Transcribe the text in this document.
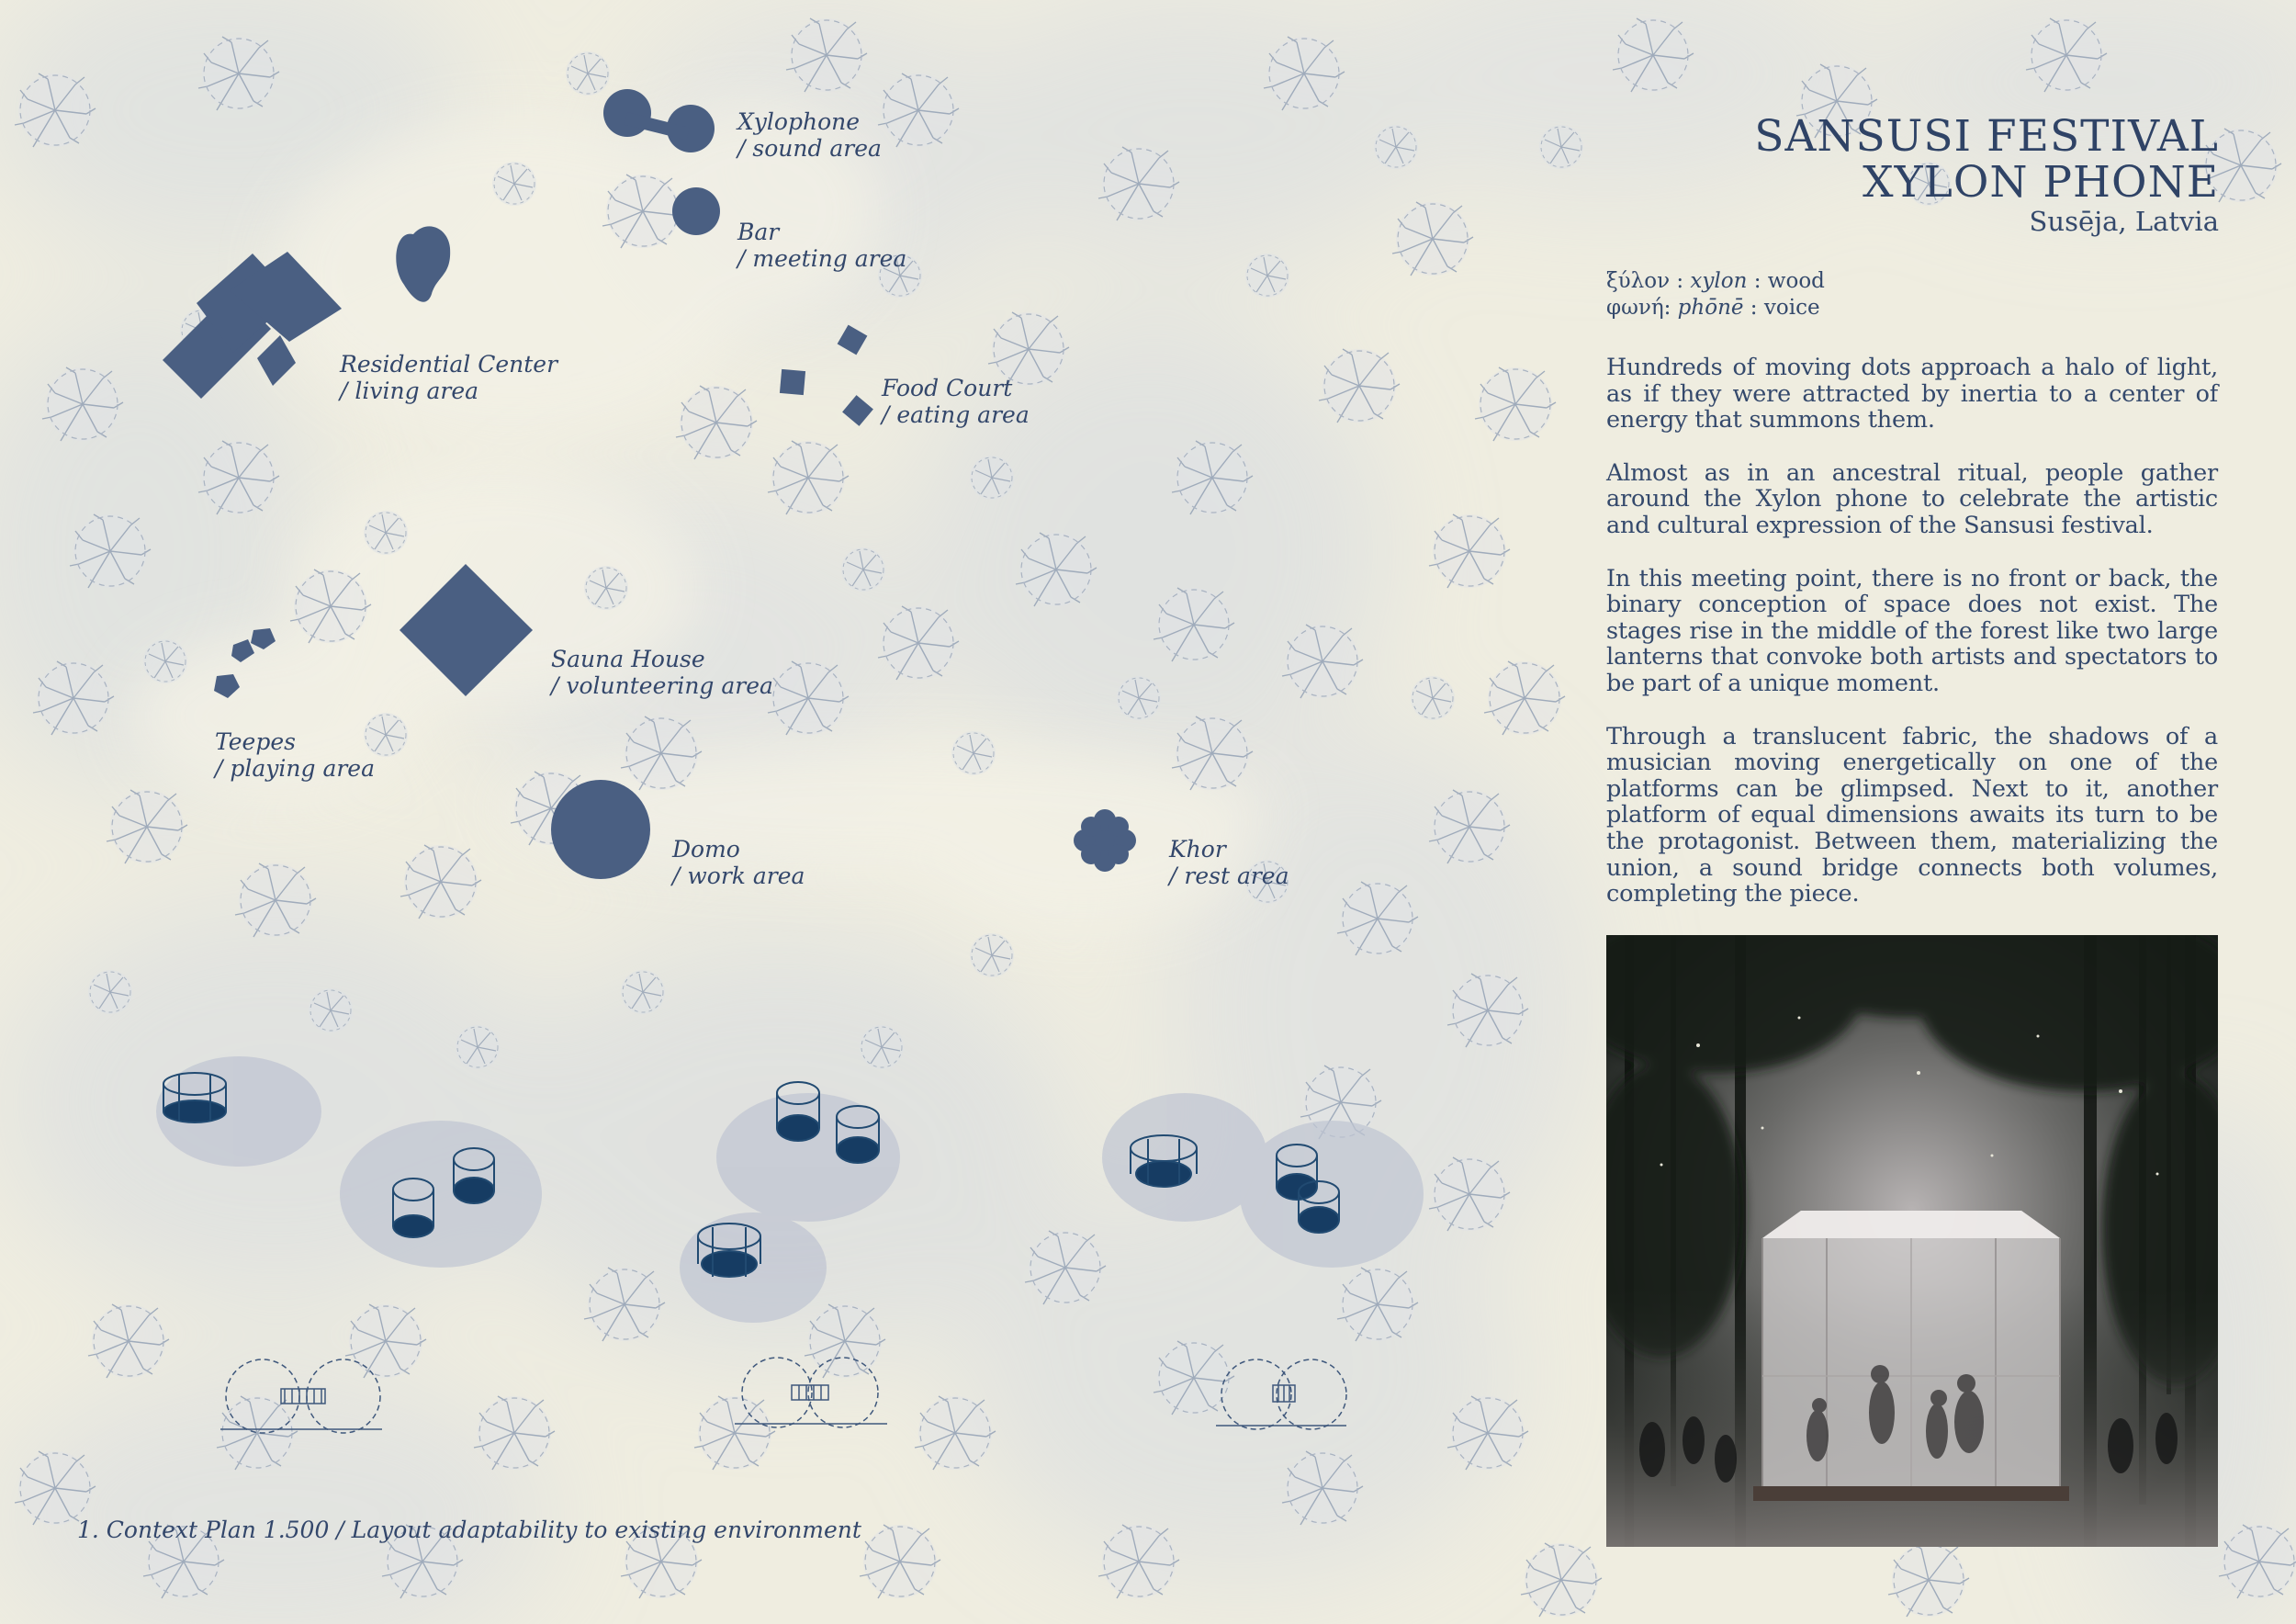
Xylophone
/ sound area
Bar
/ meeting area
Residential Center
/ living area	Food Court
/ eating area
Sauna House
/ volunteering area
Teepes
/ playing area
Domo
/ work area
Khor
/ rest area
SANSUSI FESTIVAL
XYLON PHONE
Susēja, Latvia
ξύλον : xylon : wood
φωνή: phōnē : voice

Hundreds of moving dots approach a halo of light, as if they were attracted by inertia to a center of energy that summons them.

Almost as in an ancestral ritual, people gather around the Xylon phone to celebrate the artistic and cultural expression of the Sansusi festival.

In this meeting point, there is no front or back, the binary conception of space does not exist. The stages rise in the middle of the forest like two large lanterns that convoke both artists and spectators to be part of a unique moment.

Through a translucent fabric, the shadows of a musician moving energetically on one of the platforms can be glimpsed. Next to it, another platform of equal dimensions awaits its turn to be the protagonist. Between them, materializing the union, a sound bridge connects both volumes, completing the piece.

1. Context Plan 1.500 / Layout adaptability to existing environment
